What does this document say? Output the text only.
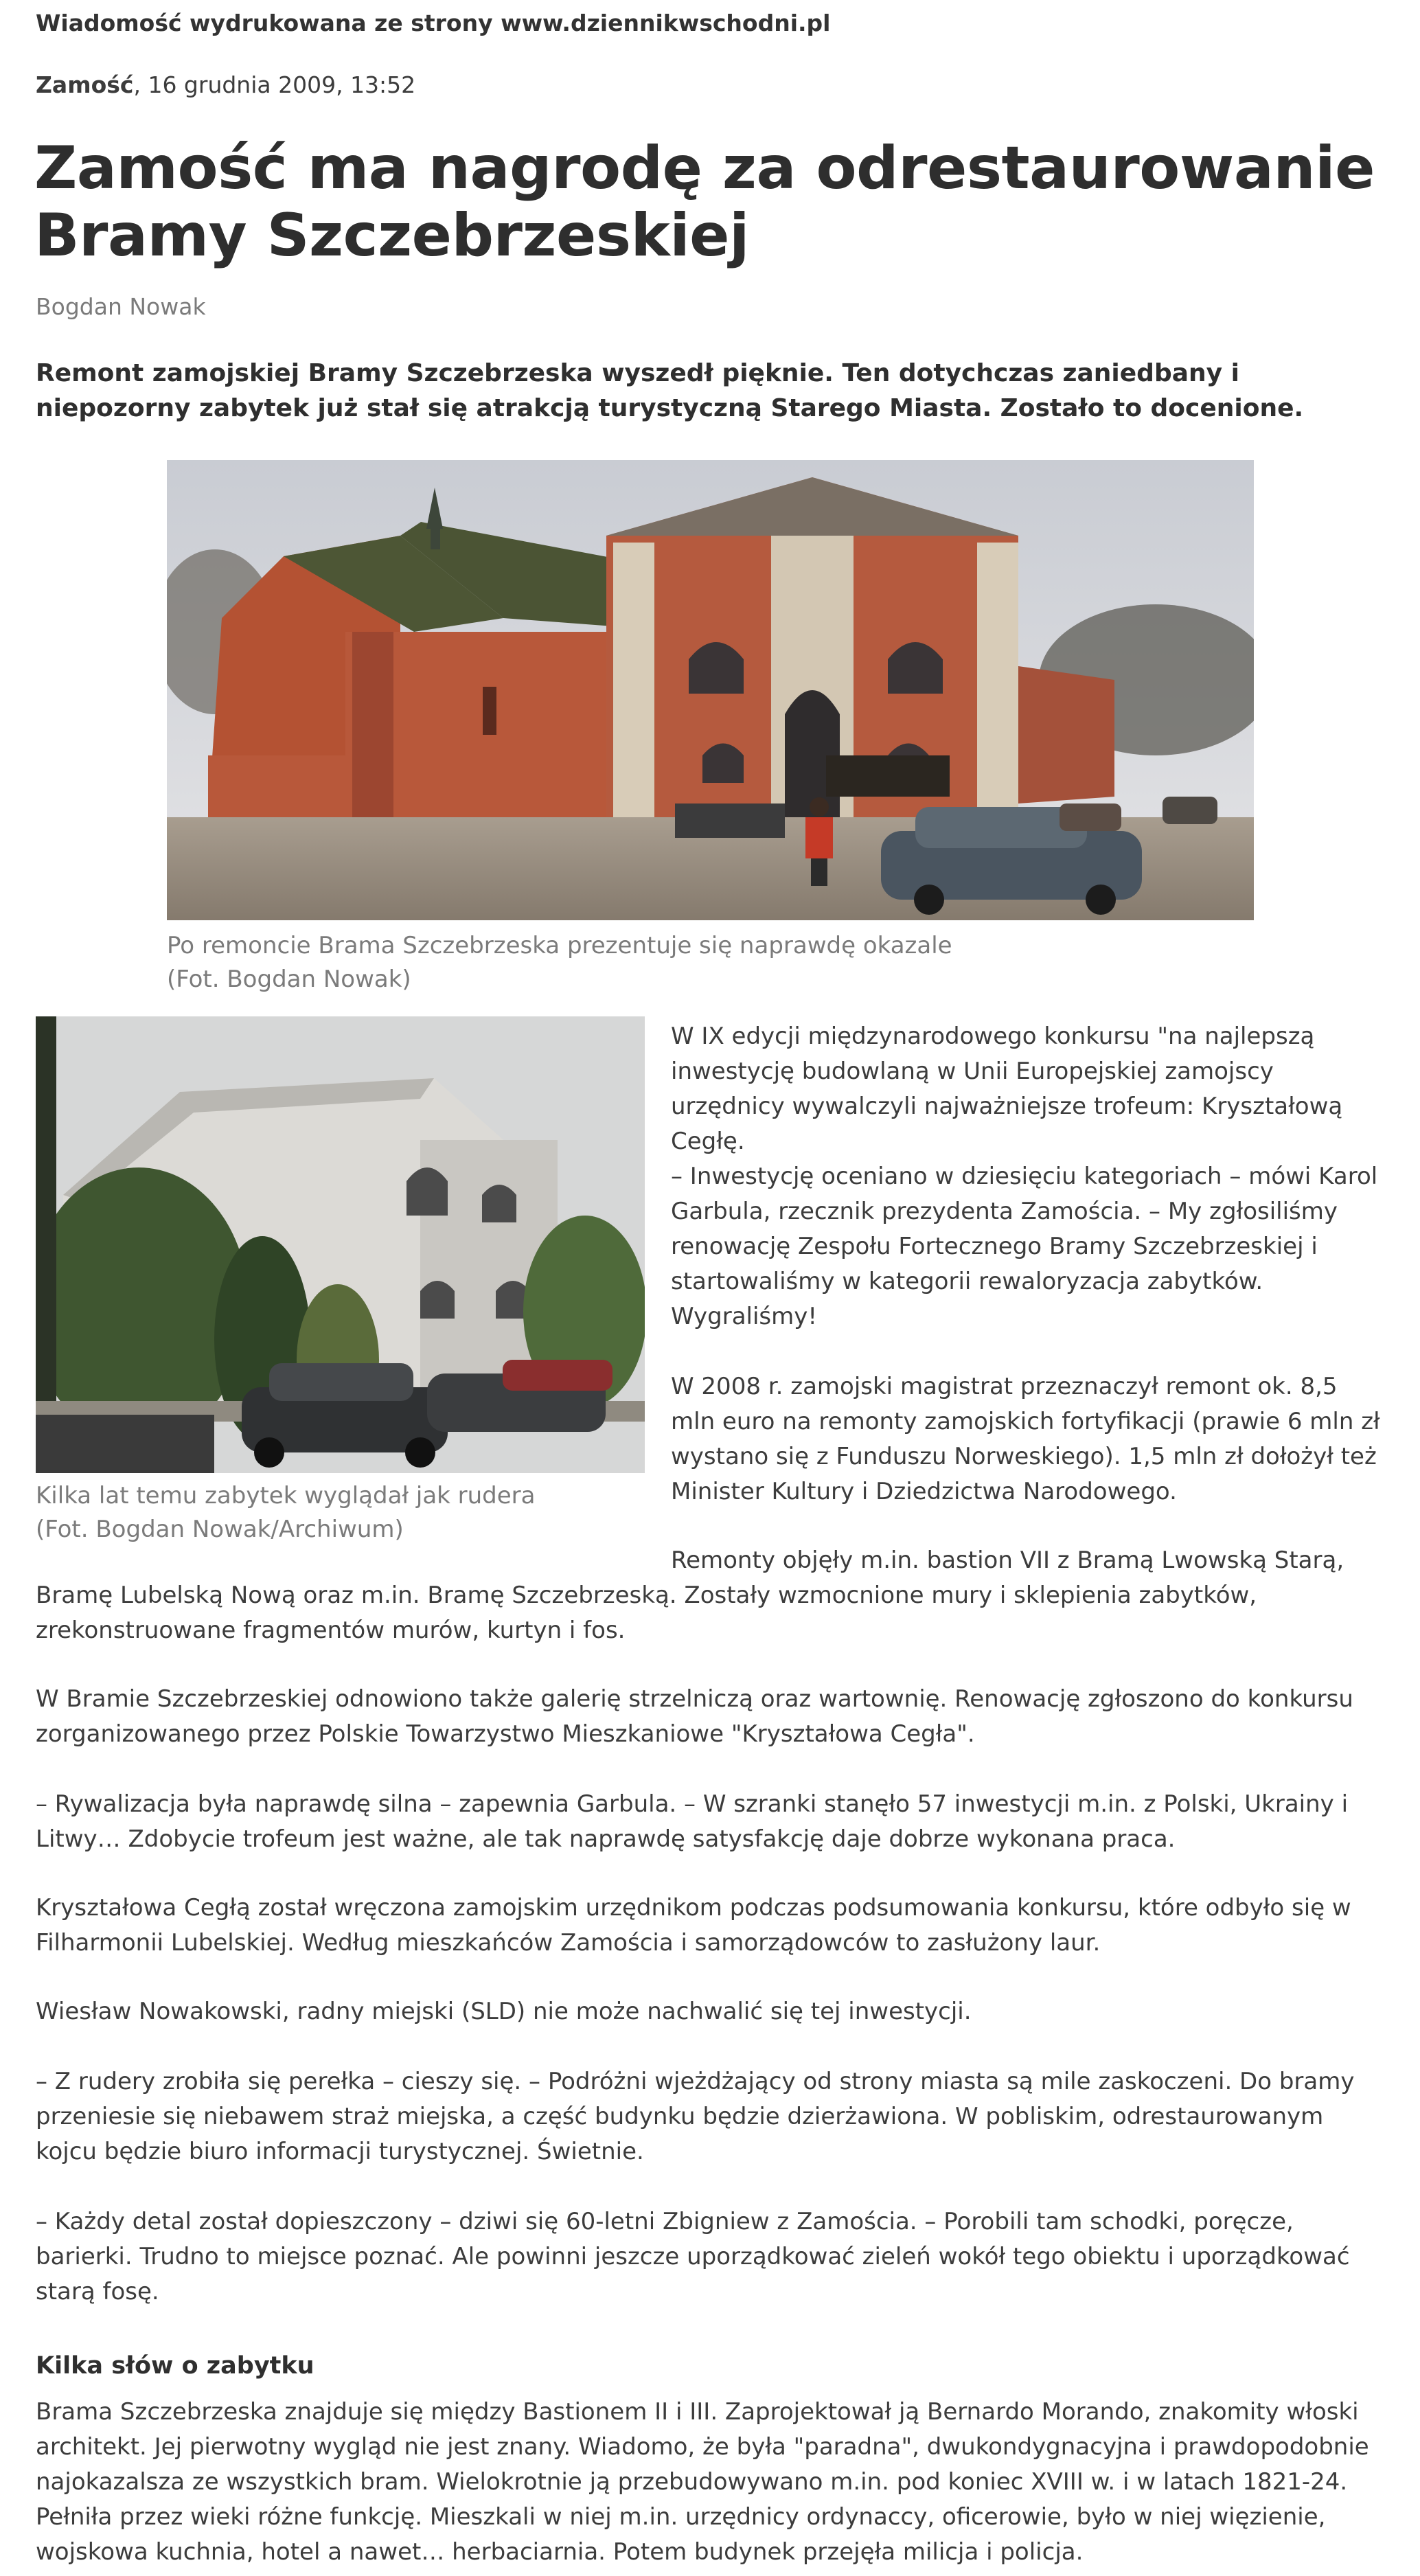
Wiadomość wydrukowana ze strony www.dziennikwschodni.pl
Zamość, 16 grudnia 2009, 13:52
Zamość ma nagrodę za odrestaurowanie
Bramy Szczebrzeskiej
Bogdan Nowak

Remont zamojskiej Bramy Szczebrzeska wyszedł pięknie. Ten dotychczas zaniedbany i niepozorny zabytek już stał się atrakcją turystyczną Starego Miasta. Zostało to docenione.

Po remoncie Brama Szczebrzeska prezentuje się naprawdę okazale
(Fot. Bogdan Nowak)
Kilka lat temu zabytek wyglądał jak rudera
(Fot. Bogdan Nowak/Archiwum)

W IX edycji międzynarodowego konkursu "na najlepszą inwestycję budowlaną w Unii Europejskiej zamojscy urzędnicy wywalczyli najważniejsze trofeum: Kryształową Cegłę.

– Inwestycję oceniano w dziesięciu kategoriach – mówi Karol Garbula, rzecznik prezydenta Zamościa. – My zgłosiliśmy renowację Zespołu Fortecznego Bramy Szczebrzeskiej i startowaliśmy w kategorii rewaloryzacja zabytków. Wygraliśmy!

W 2008 r. zamojski magistrat przeznaczył remont ok. 8,5 mln euro na remonty zamojskich fortyfikacji (prawie 6 mln zł wystano się z Funduszu Norweskiego). 1,5 mln zł dołożył też Minister Kultury i Dziedzictwa Narodowego.

Remonty objęły m.in. bastion VII z Bramą Lwowską Starą,

Bramę Lubelską Nową oraz m.in. Bramę Szczebrzeską. Zostały wzmocnione mury i sklepienia zabytków, zrekonstruowane fragmentów murów, kurtyn i fos.

W Bramie Szczebrzeskiej odnowiono także galerię strzelniczą oraz wartownię. Renowację zgłoszono do konkursu zorganizowanego przez Polskie Towarzystwo Mieszkaniowe "Kryształowa Cegła".

– Rywalizacja była naprawdę silna – zapewnia Garbula. – W szranki stanęło 57 inwestycji m.in. z Polski, Ukrainy i Litwy… Zdobycie trofeum jest ważne, ale tak naprawdę satysfakcję daje dobrze wykonana praca.

Kryształowa Cegłą został wręczona zamojskim urzędnikom podczas podsumowania konkursu, które odbyło się w Filharmonii Lubelskiej. Według mieszkańców Zamościa i samorządowców to zasłużony laur.

Wiesław Nowakowski, radny miejski (SLD) nie może nachwalić się tej inwestycji.

– Z rudery zrobiła się perełka – cieszy się. – Podróżni wjeżdżający od strony miasta są mile zaskoczeni. Do bramy przeniesie się niebawem straż miejska, a część budynku będzie dzierżawiona. W pobliskim, odrestaurowanym kojcu będzie biuro informacji turystycznej. Świetnie.

– Każdy detal został dopieszczony – dziwi się 60-letni Zbigniew z Zamościa. – Porobili tam schodki, poręcze, barierki. Trudno to miejsce poznać. Ale powinni jeszcze uporządkować zieleń wokół tego obiektu i uporządkować starą fosę.

Kilka słów o zabytku

Brama Szczebrzeska znajduje się między Bastionem II i III. Zaprojektował ją Bernardo Morando, znakomity włoski architekt. Jej pierwotny wygląd nie jest znany. Wiadomo, że była "paradna", dwukondygnacyjna i prawdopodobnie najokazalsza ze wszystkich bram. Wielokrotnie ją przebudowywano m.in. pod koniec XVIII w. i w latach 1821-24. Pełniła przez wieki różne funkcję. Mieszkali w niej m.in. urzędnicy ordynaccy, oficerowie, było w niej więzienie, wojskowa kuchnia, hotel a nawet… herbaciarnia. Potem budynek przejęła milicja i policja.
